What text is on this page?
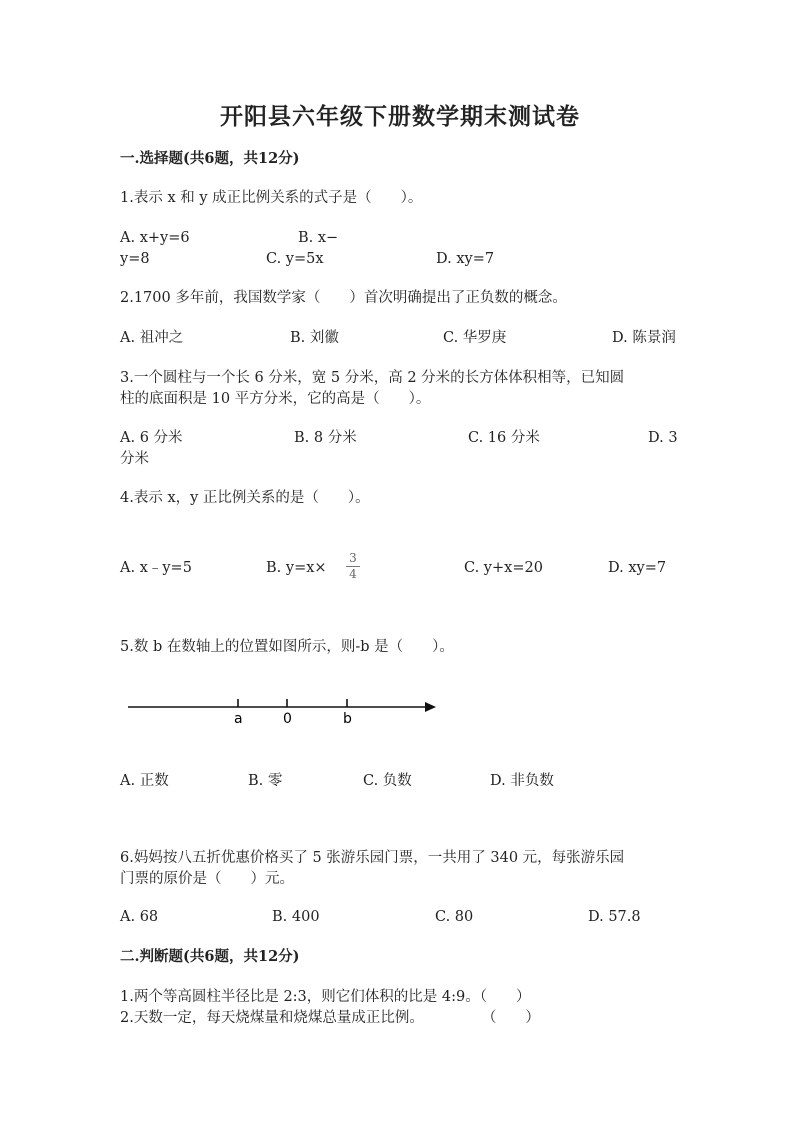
开阳县六年级下册数学期末测试卷
一.选择题(共6题，共12分)
1.表示 x 和 y 成正比例关系的式子是（　　）。
A. x+y=6	B. x−
y=8	C. y=5x	D. xy=7
2.1700 多年前，我国数学家（　　）首次明确提出了正负数的概念。
A. 祖冲之	B. 刘徽	C. 华罗庚	D. 陈景润
3.一个圆柱与一个长 6 分米，宽 5 分米，高 2 分米的长方体体积相等，已知圆
柱的底面积是 10 平方分米，它的高是（　　）。
A. 6 分米	B. 8 分米	C. 16 分米	D. 3
分米
4.表示 x，y 正比例关系的是（　　）。
A. x﹣y=5	B. y=x×
3
4	C. y+x=20	D. xy=7
5.数 b 在数轴上的位置如图所示，则-b 是（　　）。
a	0	b
A. 正数	B. 零	C. 负数	D. 非负数
6.妈妈按八五折优惠价格买了 5 张游乐园门票，一共用了 340 元，每张游乐园
门票的原价是（　　）元。
A. 68	B. 400	C. 80	D. 57.8
二.判断题(共6题，共12分)
1.两个等高圆柱半径比是 2:3，则它们体积的比是 4:9。（　　）
2.天数一定，每天烧煤量和烧煤总量成正比例。　　　　　（　　）
